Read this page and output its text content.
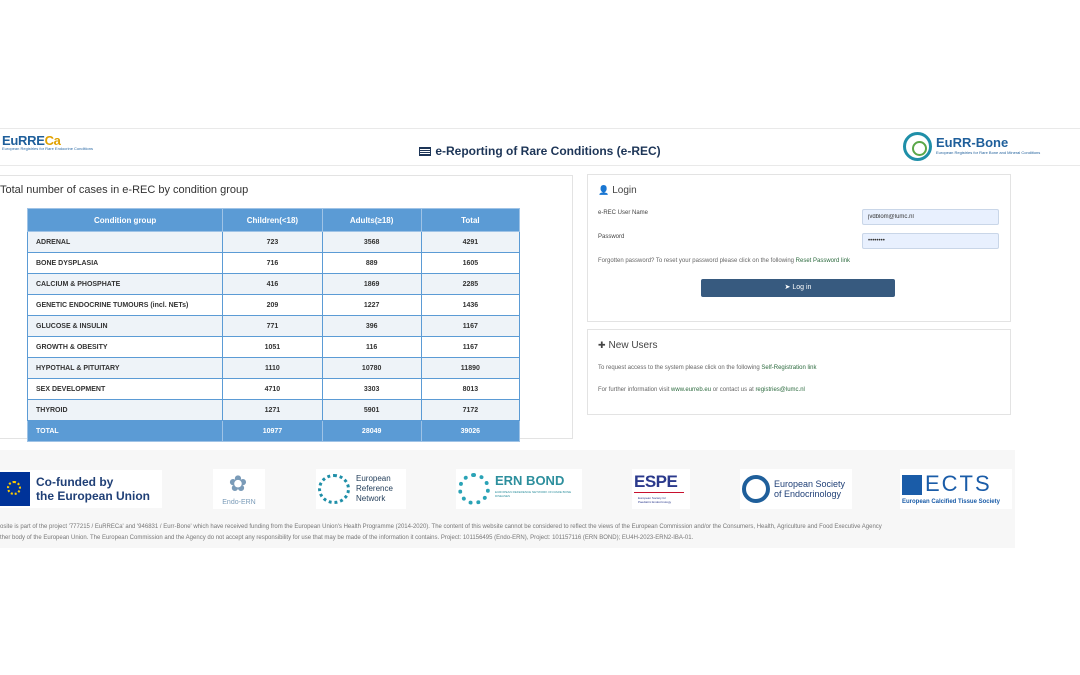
EuRRECa
European Registries for Rare Endocrine Conditions	e-Reporting of Rare Conditions (e-REC)
EuRR-Bone
European Registries for Rare Bone and Mineral Conditions
Total number of cases in e-REC by condition group
Condition group	Children(<18)	Adults(≥18)	Total
ADRENAL	723	3568	4291
BONE DYSPLASIA	716	889	1605
CALCIUM & PHOSPHATE	416	1869	2285
GENETIC ENDOCRINE TUMOURS (incl. NETs)	209	1227	1436
GLUCOSE & INSULIN	771	396	1167
GROWTH & OBESITY	1051	116	1167
HYPOTHAL & PITUITARY	1110	10780	11890
SEX DEVELOPMENT	4710	3303	8013
THYROID	1271	5901	7172
TOTAL	10977	28049	39026
👤 Login
e-REC User Name
jvdblom@lumc.nl
Password
••••••••
Forgotten password? To reset your password please click on the following Reset Password link
➤ Log in
✚ New Users
To request access to the system please click on the following Self-Registration link
For further information visit www.eurreb.eu or contact us at registries@lumc.nl
Co-funded by
the European Union	✿
Endo-ERN
European
Reference
Network
ERN BOND
EUROPEAN REFERENCE NETWORK ON RARE BONE DISEASES
ESPE
European Society for
Paediatric Endocrinology
European Society
of Endocrinology	ECTS
European Calcified Tissue Society
osite is part of the project '777215 / EuRRECa' and '946831 / Eurr-Bone' which have received funding from the European Union's Health Programme (2014-2020). The content of this website cannot be considered to reflect the views of the European Commission and/or the Consumers, Health, Agriculture and Food Executive Agency
ther body of the European Union. The European Commission and the Agency do not accept any responsibility for use that may be made of the information it contains. Project: 101156495 (Endo-ERN), Project: 101157116 (ERN BOND); EU4H-2023-ERN2-IBA-01.
